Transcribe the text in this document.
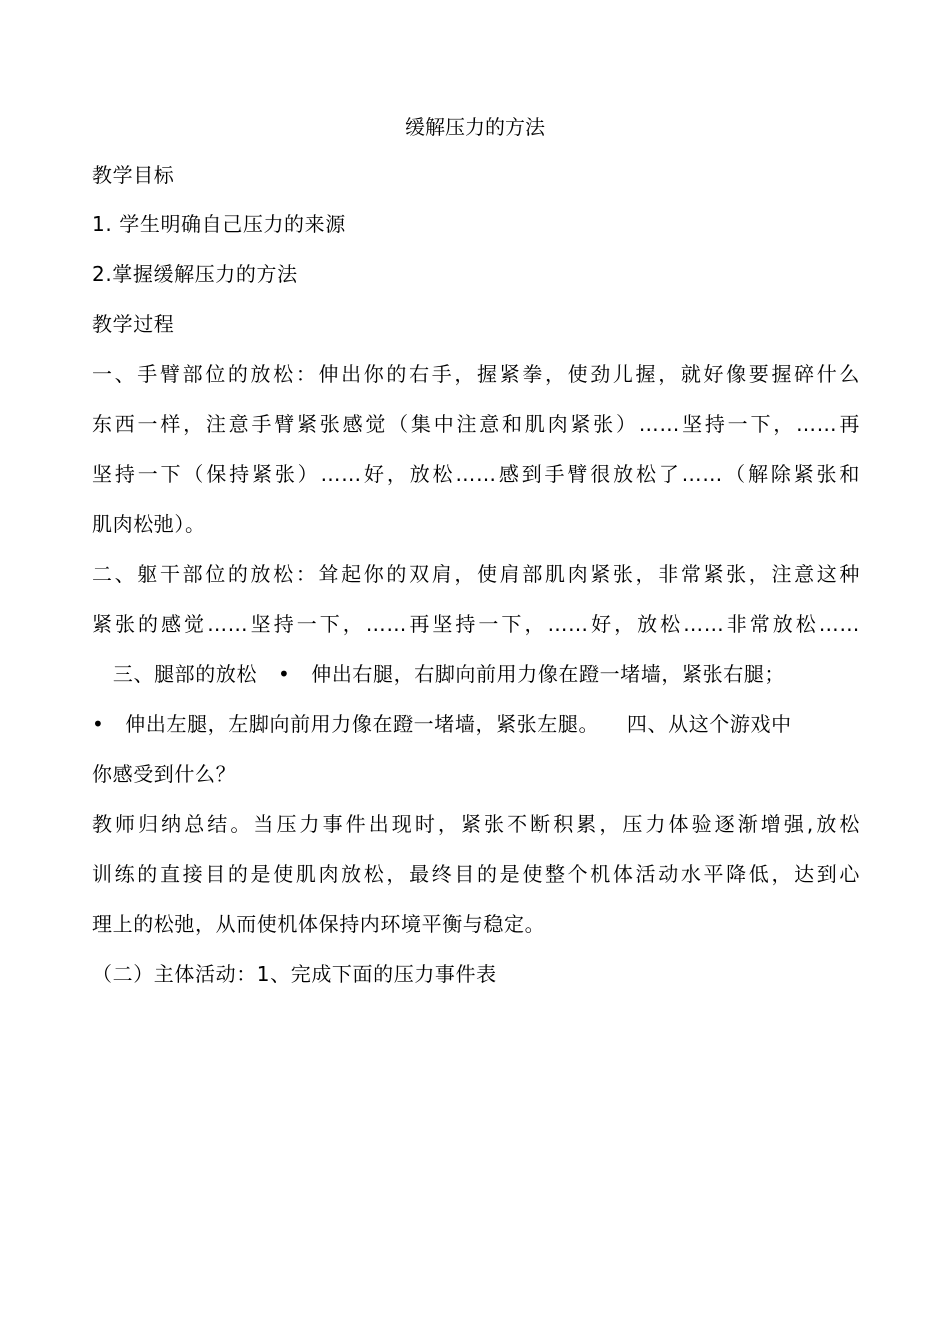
缓解压力的方法
教学目标
1. 学生明确自己压力的来源
2.掌握缓解压力的方法
教学过程
一、手臂部位的放松：伸出你的右手，握紧拳，使劲儿握，就好像要握碎什么
东西一样，注意手臂紧张感觉（集中注意和肌肉紧张）……坚持一下，……再
坚持一下（保持紧张）……好，放松……感到手臂很放松了……（解除紧张和
肌肉松弛）。
二、躯干部位的放松：耸起你的双肩，使肩部肌肉紧张，非常紧张，注意这种
紧张的感觉……坚持一下，……再坚持一下，……好，放松……非常放松……
三、腿部的放松   •   伸出右腿，右脚向前用力像在蹬一堵墙，紧张右腿；
•   伸出左腿，左脚向前用力像在蹬一堵墙，紧张左腿。    四、从这个游戏中
你感受到什么？
教师归纳总结。当压力事件出现时，紧张不断积累，压力体验逐渐增强,放松
训练的直接目的是使肌肉放松，最终目的是使整个机体活动水平降低，达到心
理上的松弛，从而使机体保持内环境平衡与稳定。
（二）主体活动：1、完成下面的压力事件表
